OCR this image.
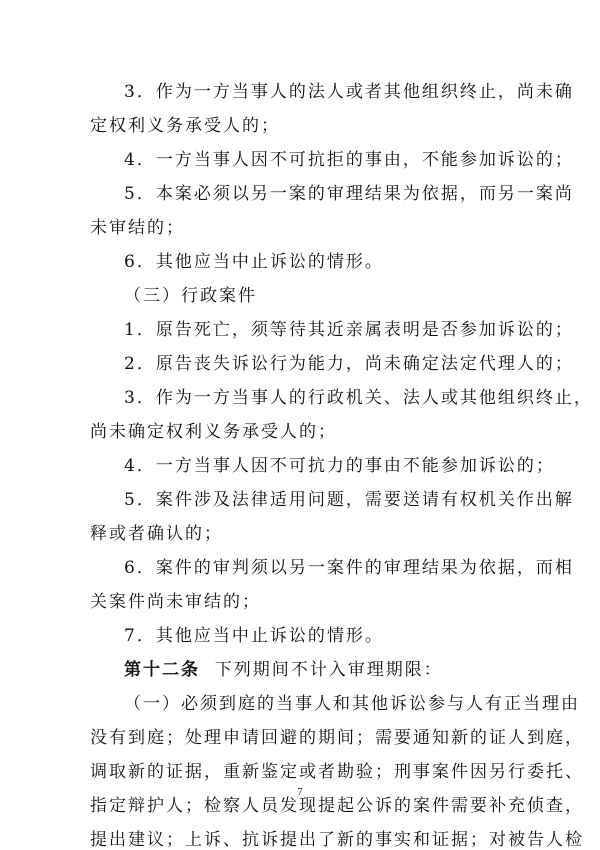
3．作为一方当事人的法人或者其他组织终止，尚未确
定权利义务承受人的；
4．一方当事人因不可抗拒的事由，不能参加诉讼的；
5．本案必须以另一案的审理结果为依据，而另一案尚
未审结的；
6．其他应当中止诉讼的情形。
（三）行政案件
1．原告死亡，须等待其近亲属表明是否参加诉讼的；
2．原告丧失诉讼行为能力，尚未确定法定代理人的；
3．作为一方当事人的行政机关、法人或其他组织终止，
尚未确定权利义务承受人的；
4．一方当事人因不可抗力的事由不能参加诉讼的；
5．案件涉及法律适用问题，需要送请有权机关作出解
释或者确认的；
6．案件的审判须以另一案件的审理结果为依据，而相
关案件尚未审结的；
7．其他应当中止诉讼的情形。
第十二条 下列期间不计入审理期限：
（一）必须到庭的当事人和其他诉讼参与人有正当理由
没有到庭；处理申请回避的期间；需要通知新的证人到庭，
调取新的证据，重新鉴定或者勘验；刑事案件因另行委托、
指定辩护人；检察人员发现提起公诉的案件需要补充侦查，
提出建议；上诉、抗诉提出了新的事实和证据；对被告人检
7
